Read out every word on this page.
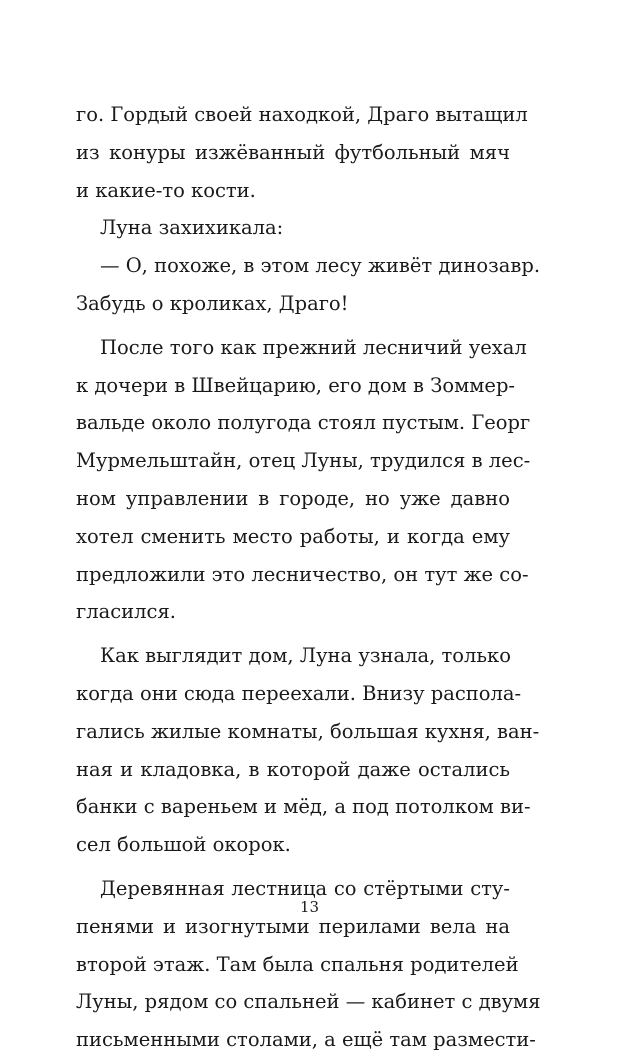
го. Гордый своей находкой, Драго вытащил
из конуры изжёванный футбольный мяч
и какие-то кости.
Луна захихикала:
— О, похоже, в этом лесу живёт динозавр.
Забудь о кроликах, Драго!
После того как прежний лесничий уехал
к дочери в Швейцарию, его дом в Зоммер-
вальде около полугода стоял пустым. Георг
Мурмельштайн, отец Луны, трудился в лес-
ном управлении в городе, но уже давно
хотел сменить место работы, и когда ему
предложили это лесничество, он тут же со-
гласился.
Как выглядит дом, Луна узнала, только
когда они сюда переехали. Внизу распола-
гались жилые комнаты, большая кухня, ван-
ная и кладовка, в которой даже остались
банки с вареньем и мёд, а под потолком ви-
сел большой окорок.
Деревянная лестница со стёртыми сту-
пенями и изогнутыми перилами вела на
второй этаж. Там была спальня родителей
Луны, рядом со спальней — кабинет с двумя
письменными столами, а ещё там размести-
13
